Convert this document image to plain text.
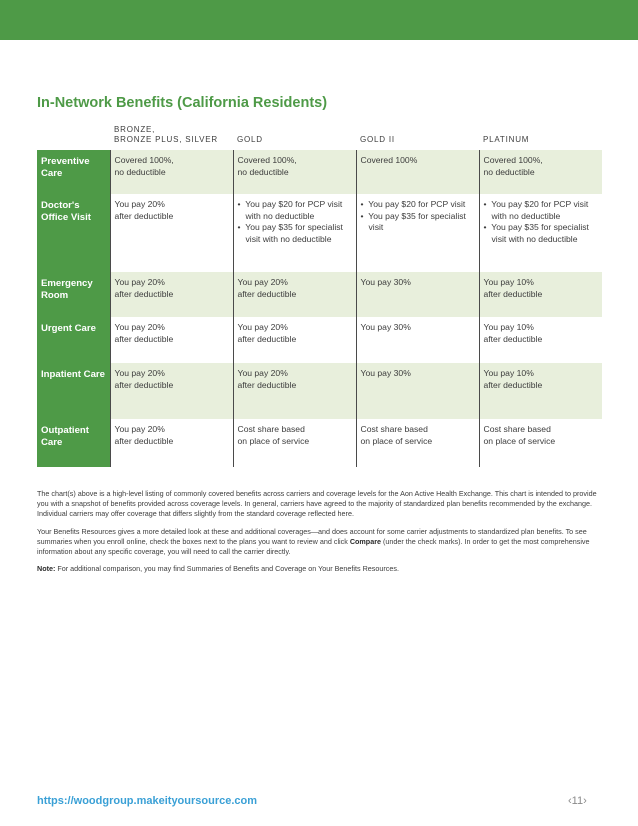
In-Network Benefits (California Residents)
	BRONZE,
BRONZE PLUS, SILVER	GOLD	GOLD II	PLATINUM
Preventive Care	Covered 100%,
no deductible	Covered 100%,
no deductible	Covered 100%	Covered 100%,
no deductible

Doctor's Office Visit	You pay 20%
after deductible	•  You pay $20 for PCP visit with no deductible
•  You pay $35 for specialist visit with no deductible	•  You pay $20 for PCP visit
•  You pay $35 for specialist visit	•  You pay $20 for PCP visit with no deductible
•  You pay $35 for specialist visit with no deductible

Emergency Room	You pay 20%
after deductible	You pay 20%
after deductible	You pay 30%	You pay 10%
after deductible

Urgent Care	You pay 20%
after deductible	You pay 20%
after deductible	You pay 30%	You pay 10%
after deductible

Inpatient Care	You pay 20%
after deductible	You pay 20%
after deductible	You pay 30%	You pay 10%
after deductible

Outpatient Care	You pay 20%
after deductible	Cost share based
on place of service	Cost share based
on place of service	Cost share based
on place of service

The chart(s) above is a high-level listing of commonly covered benefits across carriers and coverage levels for the Aon Active Health Exchange. This chart is intended to provide you with a snapshot of benefits provided across coverage levels. In general, carriers have agreed to the majority of standardized plan benefits recommended by the exchange. Individual carriers may offer coverage that differs slightly from the standard coverage reflected here.

Your Benefits Resources gives a more detailed look at these and additional coverages—and does account for some carrier adjustments to standardized plan benefits. To see summaries when you enroll online, check the boxes next to the plans you want to review and click Compare (under the check marks). In order to get the most comprehensive information about any specific coverage, you will need to call the carrier directly.

Note: For additional comparison, you may find Summaries of Benefits and Coverage on Your Benefits Resources.

https://woodgroup.makeityoursource.com	‹11›
